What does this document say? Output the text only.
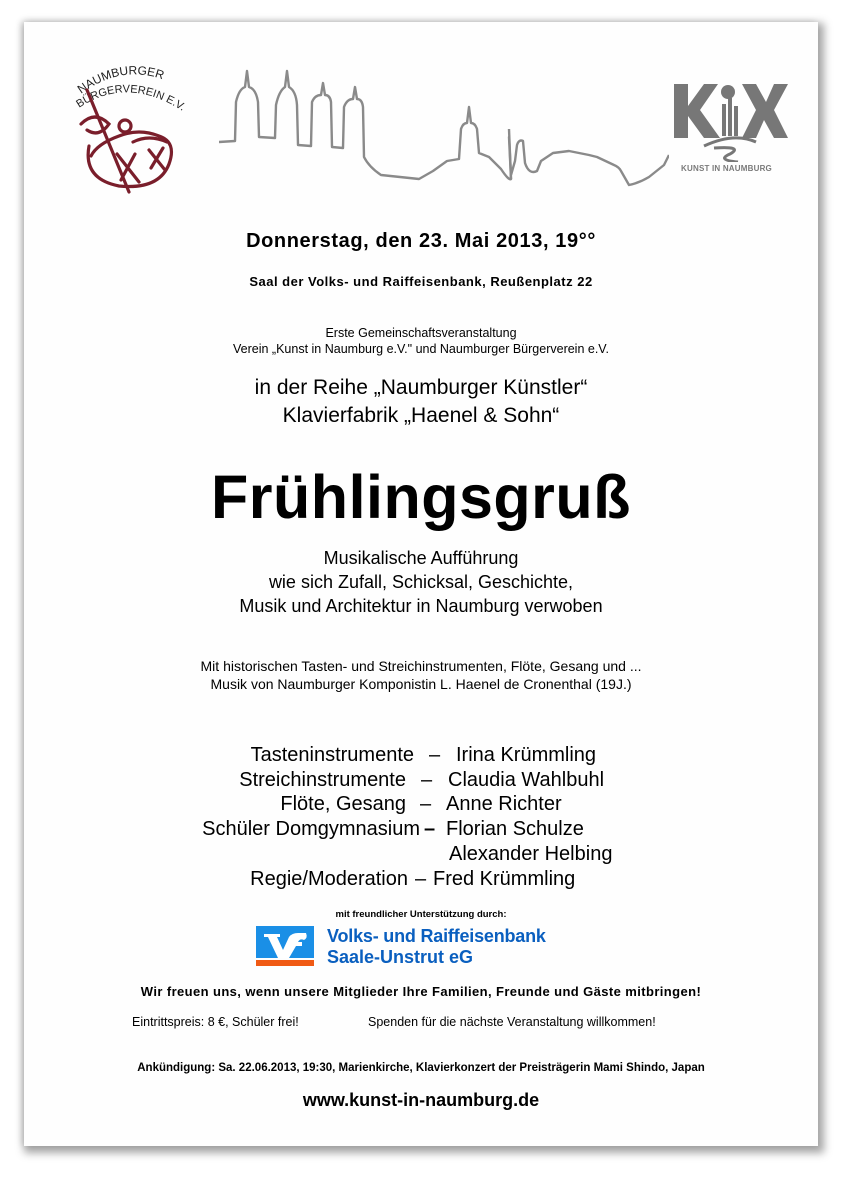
NAUMBURGER
BÜRGERVEREIN E.V.
KUNST IN NAUMBURG
Donnerstag, den 23. Mai 2013, 19°°
Saal der Volks- und Raiffeisenbank, Reußenplatz 22
Erste Gemeinschaftsveranstaltung
Verein „Kunst in Naumburg e.V." und Naumburger Bürgerverein e.V.
in der Reihe „Naumburger Künstler“
Klavierfabrik „Haenel & Sohn“
Frühlingsgruß
Musikalische Aufführung
wie sich Zufall, Schicksal, Geschichte,
Musik und Architektur in Naumburg verwoben
Mit historischen Tasten- und Streichinstrumenten, Flöte, Gesang und ...
Musik von Naumburger Komponistin L. Haenel de Cronenthal (19J.)
Tasteninstrumente – Irina Krümmling
Streichinstrumente – Claudia Wahlbuhl
Flöte, Gesang – Anne Richter
Schüler Domgymnasium – Florian Schulze
Alexander Helbing
Regie/Moderation – Fred Krümmling
mit freundlicher Unterstützung durch:
Volks- und Raiffeisenbank
Saale-Unstrut eG
Wir freuen uns, wenn unsere Mitglieder Ihre Familien, Freunde und Gäste mitbringen!
Eintrittspreis: 8 €, Schüler frei!	Spenden für die nächste Veranstaltung willkommen!
Ankündigung: Sa. 22.06.2013, 19:30, Marienkirche, Klavierkonzert der Preisträgerin Mami Shindo, Japan
www.kunst-in-naumburg.de
